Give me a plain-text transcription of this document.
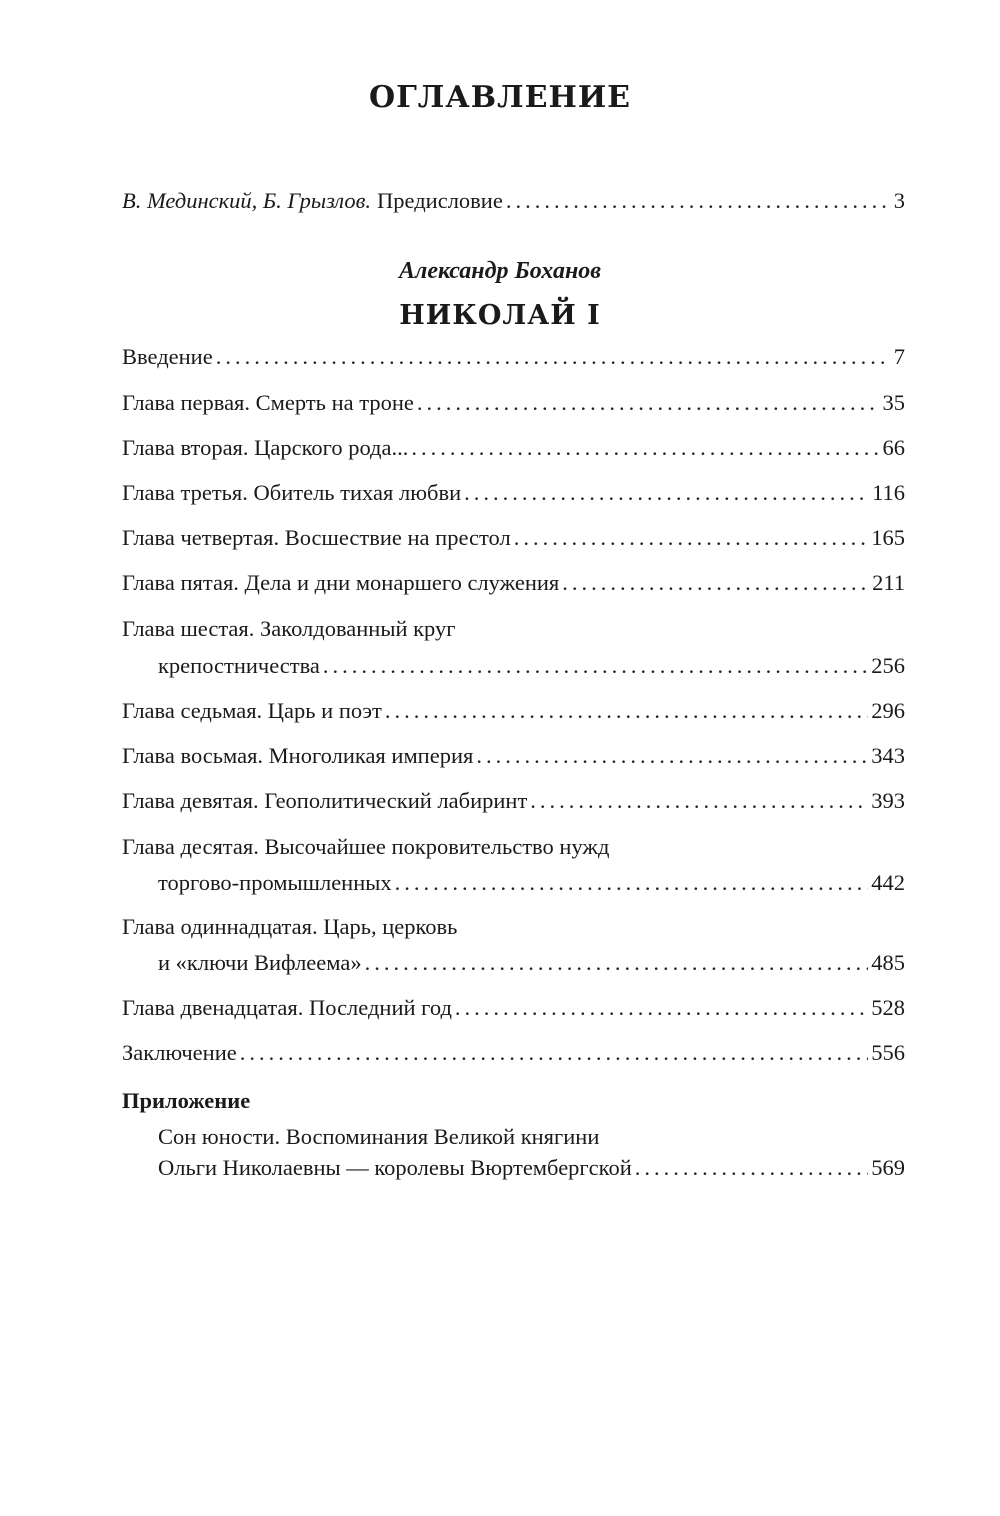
ОГЛАВЛЕНИЕ
В. Мединский, Б. Грызлов. Предисловие .....	3
Александр Боханов
НИКОЛАЙ I
Введение .....	7
Глава первая. Смерть на троне .....	35
Глава вторая. Царского рода... .....	66
Глава третья. Обитель тихая любви .....	116
Глава четвертая. Восшествие на престол .....	165
Глава пятая. Дела и дни монаршего служения .....	211
Глава шестая. Заколдованный круг
крепостничества .....	256
Глава седьмая. Царь и поэт .....	296
Глава восьмая. Многоликая империя .....	343
Глава девятая. Геополитический лабиринт .....	393
Глава десятая. Высочайшее покровительство нужд
торгово-промышленных .....	442
Глава одиннадцатая. Царь, церковь
и «ключи Вифлеема» .....	485
Глава двенадцатая. Последний год .....	528
Заключение .....	556
Приложение
Сон юности. Воспоминания Великой княгини
Ольги Николаевны — королевы Вюртембергской .....	569
